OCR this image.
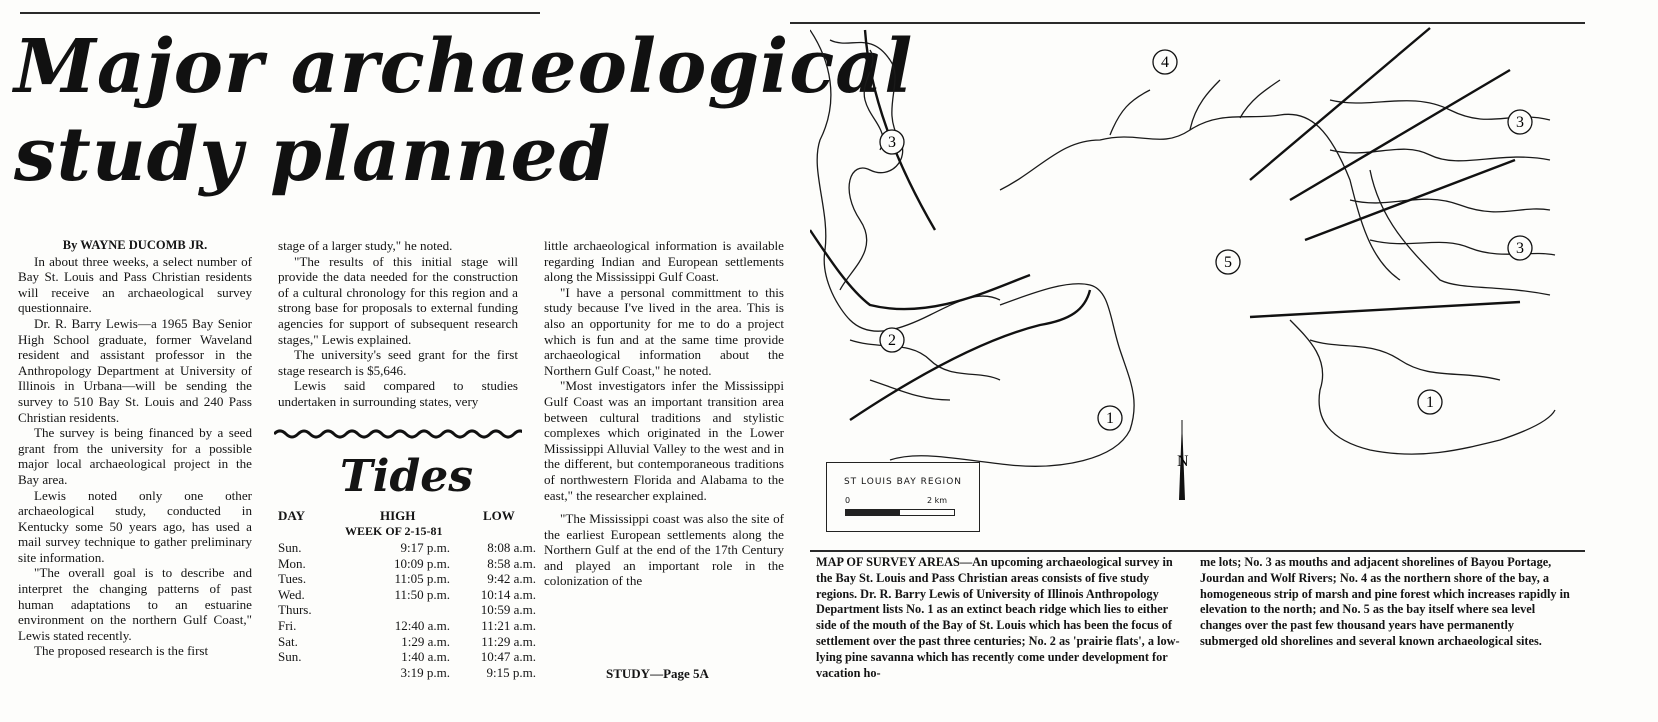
Major archaeological
study planned

By WAYNE DUCOMB JR.

In about three weeks, a select number of Bay St. Louis and Pass Christian residents will receive an archaeological survey questionnaire.

Dr. R. Barry Lewis—a 1965 Bay Senior High School graduate, former Waveland resident and assistant professor in the Anthropology Department at University of Illinois in Urbana—will be sending the survey to 510 Bay St. Louis and 240 Pass Christian residents.

The survey is being financed by a seed grant from the university for a possible major local archaeological project in the Bay area.

Lewis noted only one other archaeological study, conducted in Kentucky some 50 years ago, has used a mail survey technique to gather preliminary site information.

"The overall goal is to describe and interpret the changing patterns of past human adaptations to an estuarine environment on the northern Gulf Coast," Lewis stated recently.

The proposed research is the first

stage of a larger study," he noted.

"The results of this initial stage will provide the data needed for the construction of a cultural chronology for this region and a strong base for proposals to external funding agencies for support of subsequent research stages," Lewis explained.

The university's seed grant for the first stage research is $5,646.

Lewis said compared to studies undertaken in surrounding states, very

Tides
DAY	HIGH	LOW
WEEK OF 2-15-81
Sun.	9:17 p.m.	8:08 a.m.
Mon.	10:09 p.m.	8:58 a.m.
Tues.	11:05 p.m.	9:42 a.m.
Wed.	11:50 p.m.	10:14 a.m.
Thurs.		10:59 a.m.
Fri.	12:40 a.m.	11:21 a.m.
Sat.	1:29 a.m.	11:29 a.m.
Sun.	1:40 a.m.	10:47 a.m.
	3:19 p.m.	9:15 p.m.

little archaeological information is available regarding Indian and European settlements along the Mississippi Gulf Coast.

"I have a personal committment to this study because I've lived in the area. This is also an opportunity for me to do a project which is fun and at the same time provide archaeological information about the Northern Gulf Coast," he noted.

"Most investigators infer the Mississippi Gulf Coast was an important transition area between cultural traditions and stylistic complexes which originated in the Lower Mississippi Alluvial Valley to the west and in the different, but contemporaneous traditions of northwestern Florida and Alabama to the east," the researcher explained.

"The Mississippi coast was also the site of the earliest European settlements along the Northern Gulf at the end of the 17th Century and played an important role in the colonization of the

STUDY—Page 5A
4
3
3
3
5
2
1
1
N
ST LOUIS BAY REGION
0	2 km
MAP OF SURVEY AREAS—An upcoming archaeological survey in the Bay St. Louis and Pass Christian areas consists of five study regions. Dr. R. Barry Lewis of University of Illinois Anthropology Department lists No. 1 as an extinct beach ridge which lies to either side of the mouth of the Bay of St. Louis which has been the focus of settlement over the past three centuries; No. 2 as 'prairie flats', a low-lying pine savanna which has recently come under development for vacation ho-
me lots; No. 3 as mouths and adjacent shorelines of Bayou Portage, Jourdan and Wolf Rivers; No. 4 as the northern shore of the bay, a homogeneous strip of marsh and pine forest which increases rapidly in elevation to the north; and No. 5 as the bay itself where sea level changes over the past few thousand years have permanently submerged old shorelines and several known archaeological sites.
